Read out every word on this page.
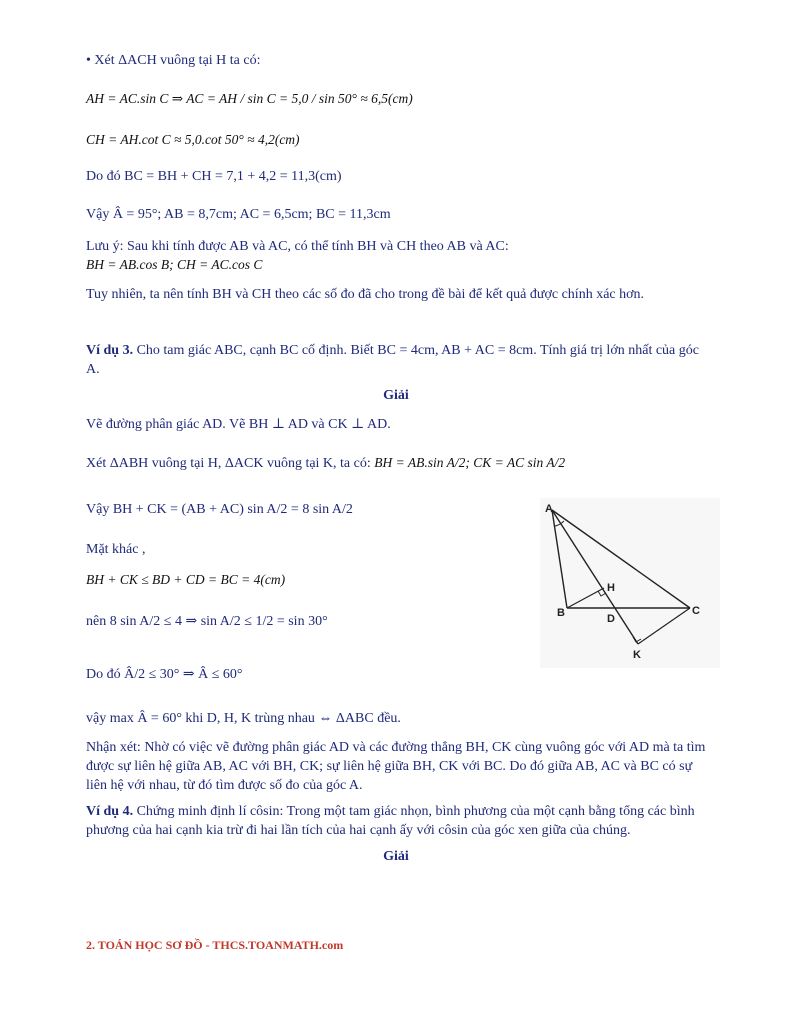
• Xét ΔACH vuông tại H ta có:
AH = AC.sin C ⇒ AC = AH / sin C = 5,0 / sin 50° ≈ 6,5(cm)
CH = AH.cot C ≈ 5,0.cot 50° ≈ 4,2(cm)
Do đó BC = BH + CH = 7,1 + 4,2 = 11,3(cm)
Vậy Â = 95°; AB = 8,7cm; AC = 6,5cm; BC = 11,3cm
Lưu ý: Sau khi tính được AB và AC, có thể tính BH và CH theo AB và AC:
BH = AB.cos B; CH = AC.cos C
Tuy nhiên, ta nên tính BH và CH theo các số đo đã cho trong đề bài để kết quả được chính xác hơn.
Ví dụ 3. Cho tam giác ABC, cạnh BC cố định. Biết BC = 4cm, AB + AC = 8cm. Tính giá trị lớn nhất của góc A.
Giải
Vẽ đường phân giác AD. Vẽ BH ⊥ AD và CK ⊥ AD.
Xét ΔABH vuông tại H, ΔACK vuông tại K, ta có: BH = AB.sin A/2; CK = AC sin A/2
Vậy BH + CK = (AB + AC) sin A/2 = 8 sin A/2
Mặt khác ,
BH + CK ≤ BD + CD = BC = 4(cm)
nên 8 sin A/2 ≤ 4 ⇒ sin A/2 ≤ 1/2 = sin 30°
Do đó Â/2 ≤ 30° ⇒ Â ≤ 60°
vậy max Â = 60° khi D, H, K trùng nhau ⇔ ΔABC đều.
Nhận xét: Nhờ có việc vẽ đường phân giác AD và các đường thẳng BH, CK cùng vuông góc với AD mà ta tìm được sự liên hệ giữa AB, AC với BH, CK; sự liên hệ giữa BH, CK với BC. Do đó giữa AB, AC và BC có sự liên hệ với nhau, từ đó tìm được số đo của góc A.
Ví dụ 4. Chứng minh định lí côsin: Trong một tam giác nhọn, bình phương của một cạnh bằng tổng các bình phương của hai cạnh kia trừ đi hai lần tích của hai cạnh ấy với côsin của góc xen giữa của chúng.
Giải
A
B	C
D
H
K
2. TOÁN HỌC SƠ ĐỒ - THCS.TOANMATH.com
